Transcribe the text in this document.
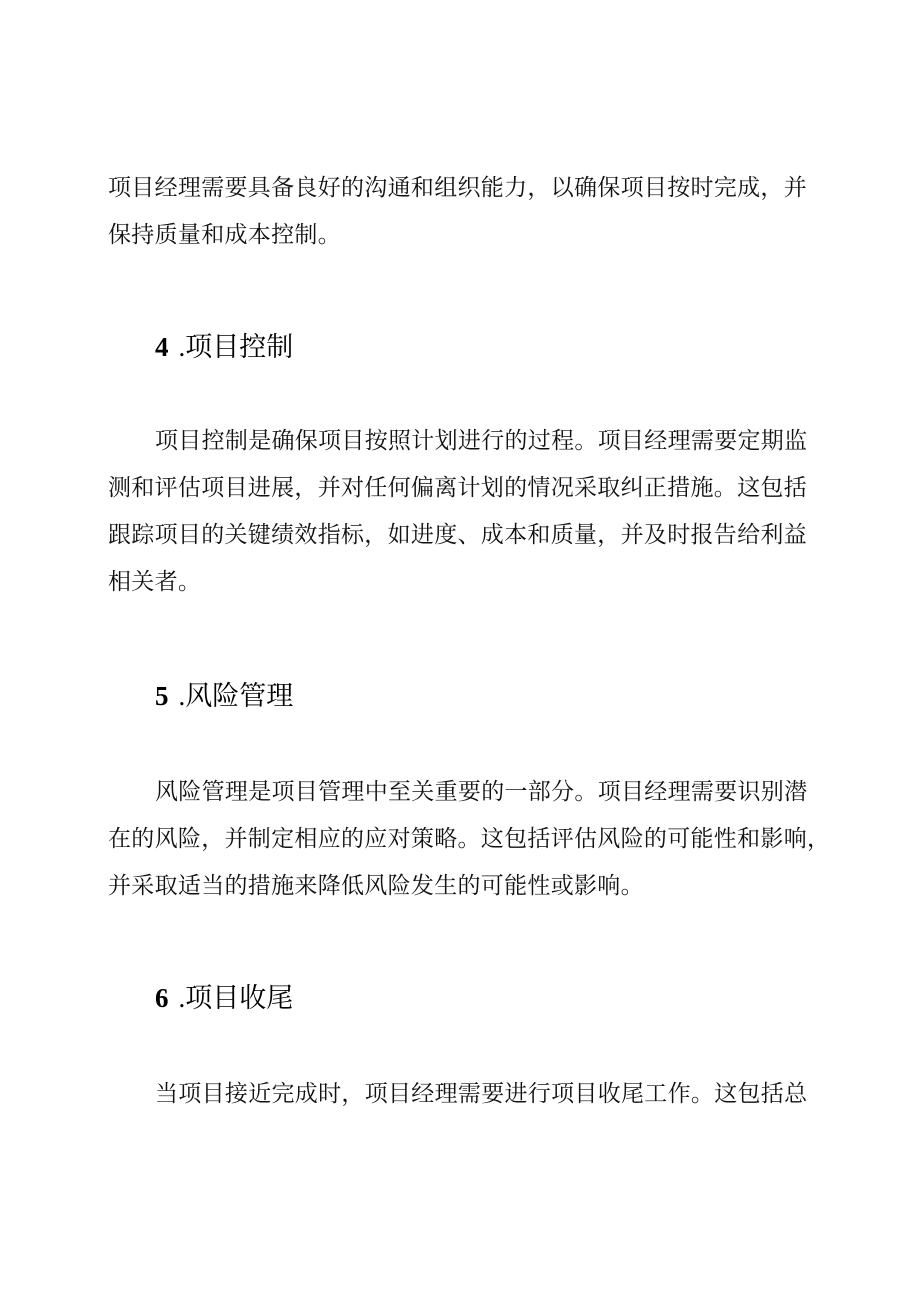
项目经理需要具备良好的沟通和组织能力，以确保项目按时完成，并
保持质量和成本控制。
4 .项目控制
项目控制是确保项目按照计划进行的过程。项目经理需要定期监
测和评估项目进展，并对任何偏离计划的情况采取纠正措施。这包括
跟踪项目的关键绩效指标，如进度、成本和质量，并及时报告给利益
相关者。
5 .风险管理
风险管理是项目管理中至关重要的一部分。项目经理需要识别潜
在的风险，并制定相应的应对策略。这包括评估风险的可能性和影响，
并采取适当的措施来降低风险发生的可能性或影响。
6 .项目收尾
当项目接近完成时，项目经理需要进行项目收尾工作。这包括总
